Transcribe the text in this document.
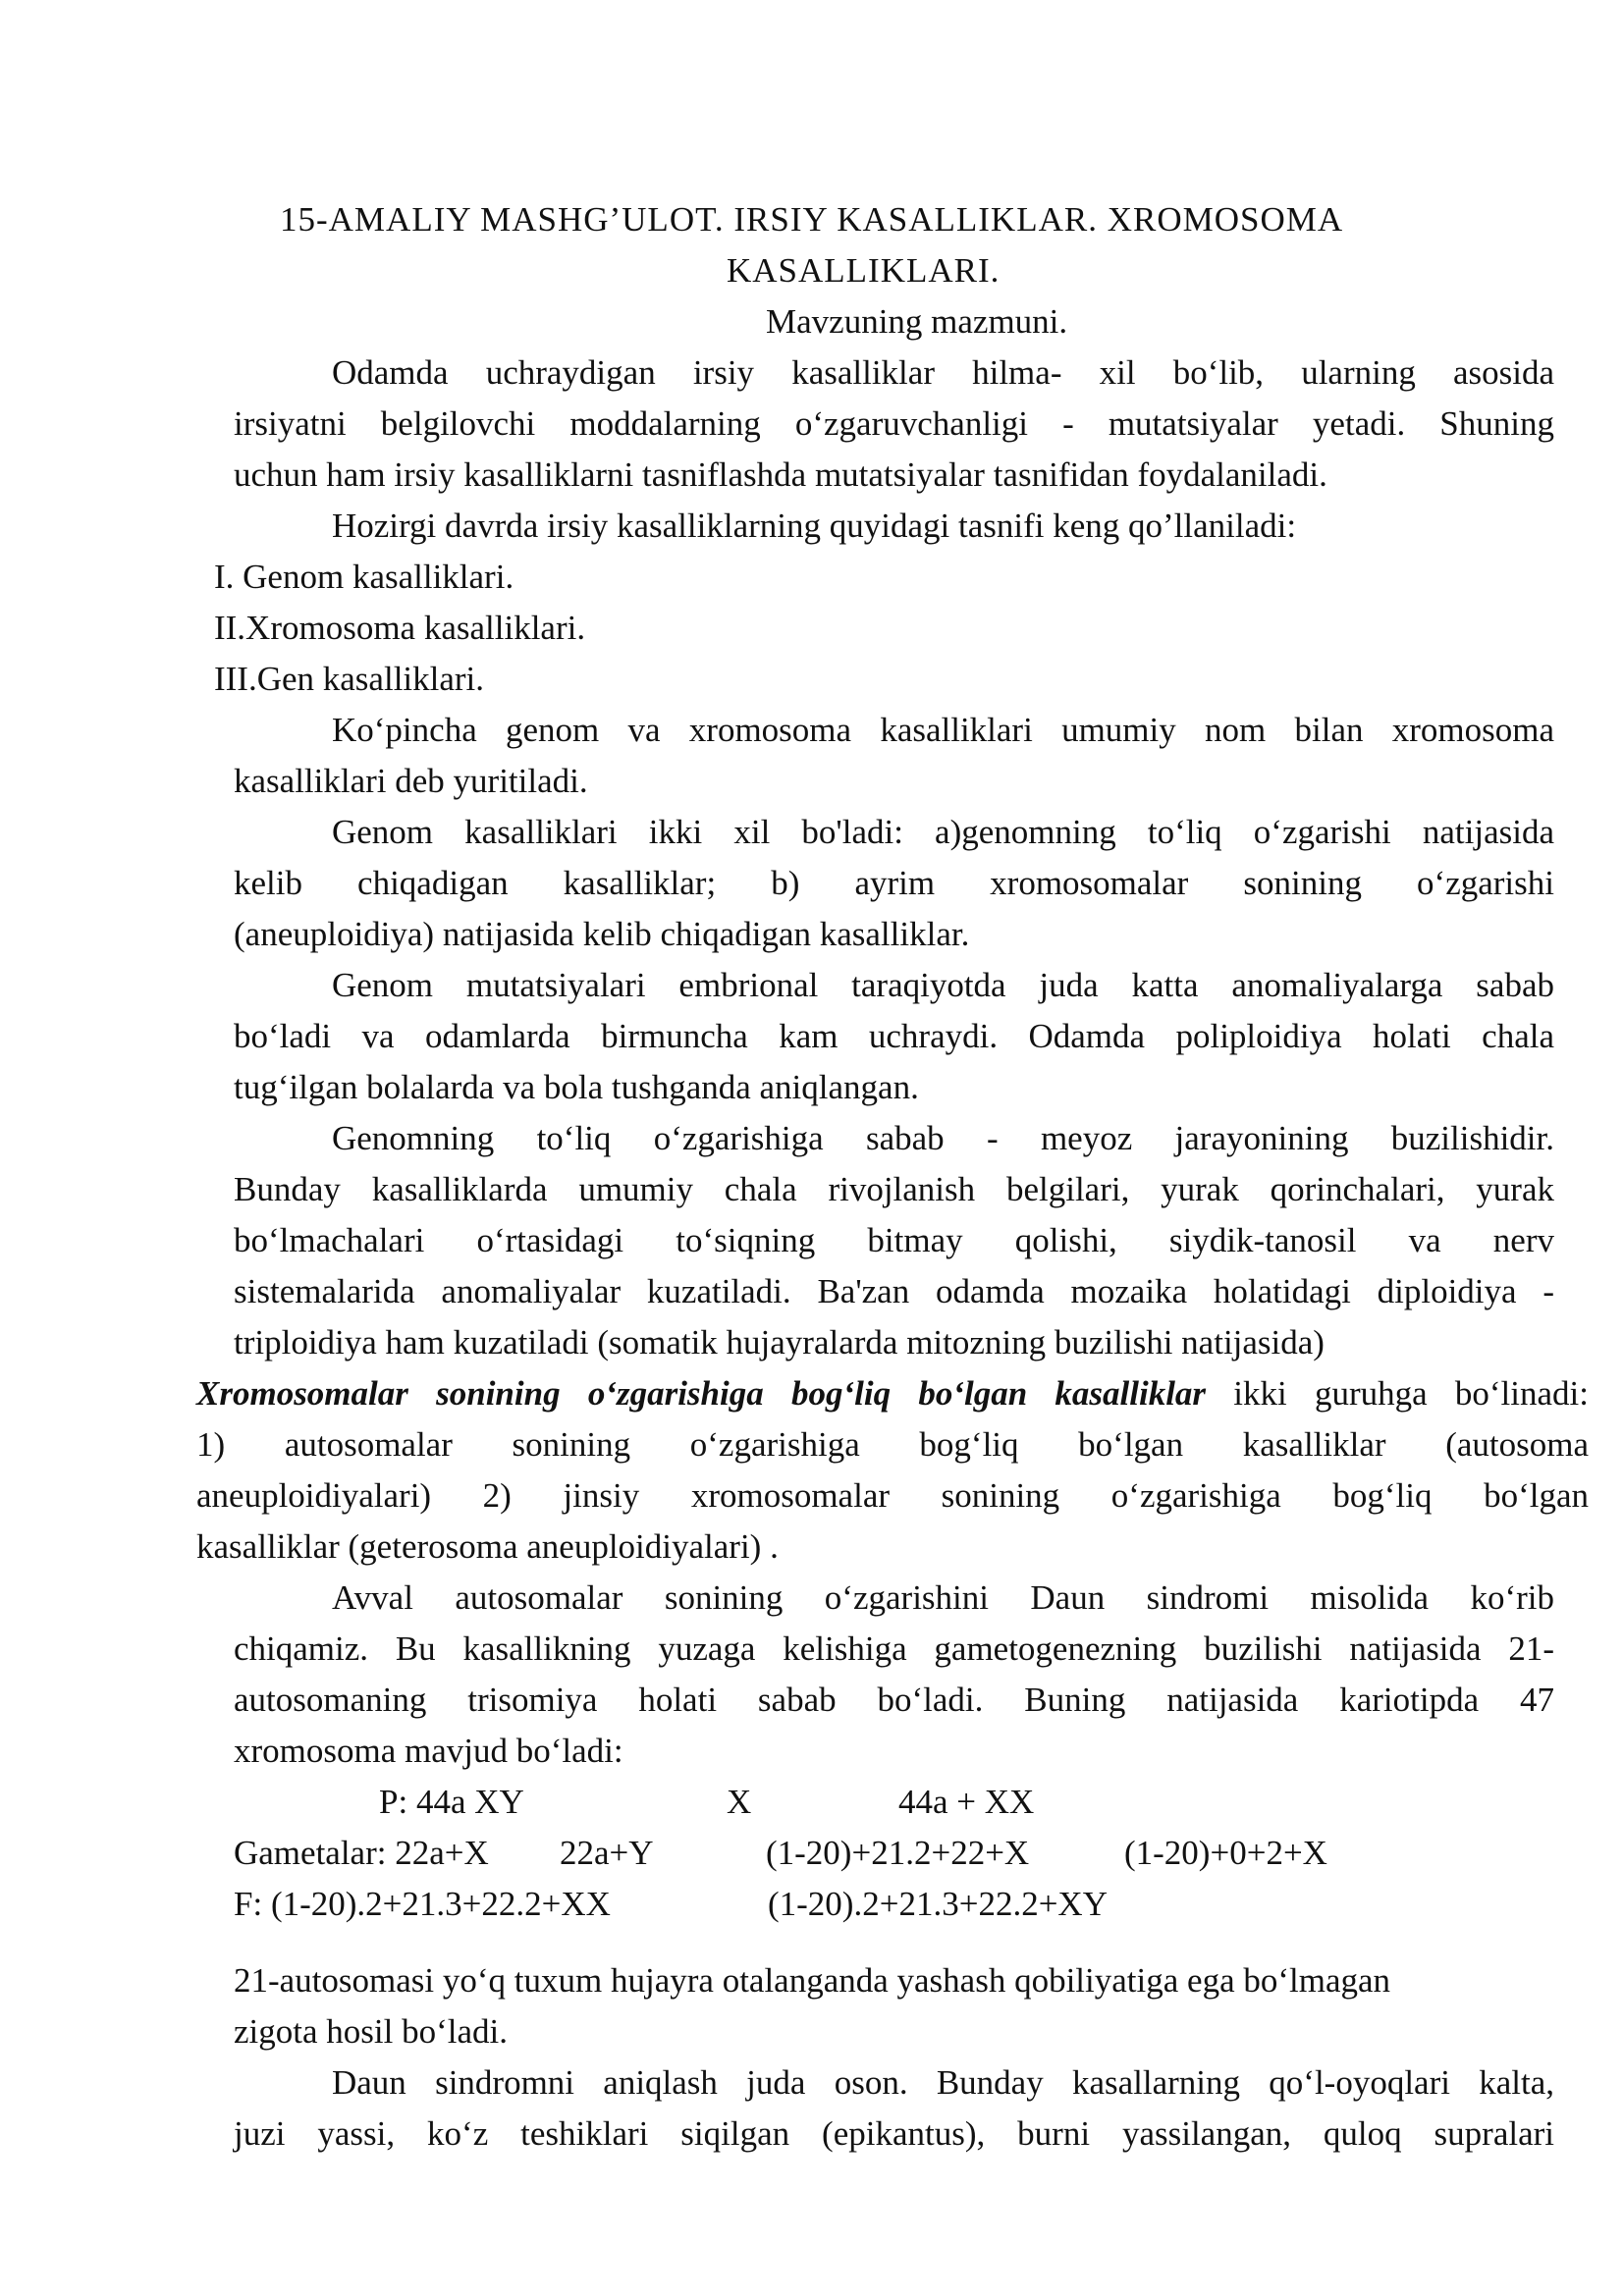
15-AMALIY MASHG’ULOT. IRSIY KASALLIKLAR. XROMOSOMA
KASALLIKLARI.
Mavzuning mazmuni.
Odamda uchraydigan irsiy kasalliklar hilma- xil bo‘lib, ularning asosida
irsiyatni belgilovchi moddalarning o‘zgaruvchanligi - mutatsiyalar yetadi. Shuning
uchun ham irsiy kasalliklarni tasniflashda mutatsiyalar tasnifidan foydalaniladi.
Hozirgi davrda irsiy kasalliklarning quyidagi tasnifi keng qo’llaniladi:
I. Genom kasalliklari.
II.Xromosoma kasalliklari.
III.Gen kasalliklari.
Ko‘pincha genom va xromosoma kasalliklari umumiy nom bilan xromosoma
kasalliklari deb yuritiladi.
Genom kasalliklari ikki xil bo'ladi: a)genomning to‘liq o‘zgarishi natijasida
kelib chiqadigan kasalliklar; b) ayrim xromosomalar sonining o‘zgarishi
(aneuploidiya) natijasida kelib chiqadigan kasalliklar.
Genom mutatsiyalari embrional taraqiyotda juda katta anomaliyalarga sabab
bo‘ladi va odamlarda birmuncha kam uchraydi. Odamda poliploidiya holati chala
tug‘ilgan bolalarda va bola tushganda aniqlangan.
Genomning to‘liq o‘zgarishiga sabab - meyoz jarayonining buzilishidir.
Bunday kasalliklarda umumiy chala rivojlanish belgilari, yurak qorinchalari, yurak
bo‘lmachalari o‘rtasidagi to‘siqning bitmay qolishi, siydik-tanosil va nerv
sistemalarida anomaliyalar kuzatiladi. Ba'zan odamda mozaika holatidagi diploidiya -
triploidiya ham kuzatiladi (somatik hujayralarda mitozning buzilishi natijasida)
Xromosomalar sonining o‘zgarishiga bog‘liq bo‘lgan kasalliklar ikki guruhga bo‘linadi:
1) autosomalar sonining o‘zgarishiga bog‘liq bo‘lgan kasalliklar (autosoma
aneuploidiyalari) 2) jinsiy xromosomalar sonining o‘zgarishiga bog‘liq bo‘lgan
kasalliklar (geterosoma aneuploidiyalari) .
Avval autosomalar sonining o‘zgarishini Daun sindromi misolida ko‘rib
chiqamiz. Bu kasallikning yuzaga kelishiga gametogenezning buzilishi natijasida 21-
autosomaning trisomiya holati sabab bo‘ladi. Buning natijasida kariotipda 47
xromosoma mavjud bo‘ladi:
P: 44a XY	X	44a + XX
Gametalar: 22a+X 22a+Y	(1-20)+21.2+22+X	(1-20)+0+2+X
F: (1-20).2+21.3+22.2+XX	(1-20).2+21.3+22.2+XY
21-autosomasi yo‘q tuxum hujayra otalanganda yashash qobiliyatiga ega bo‘lmagan
zigota hosil bo‘ladi.
Daun sindromni aniqlash juda oson. Bunday kasallarning qo‘l-oyoqlari kalta,
juzi yassi, ko‘z teshiklari siqilgan (epikantus), burni yassilangan, quloq supralari
